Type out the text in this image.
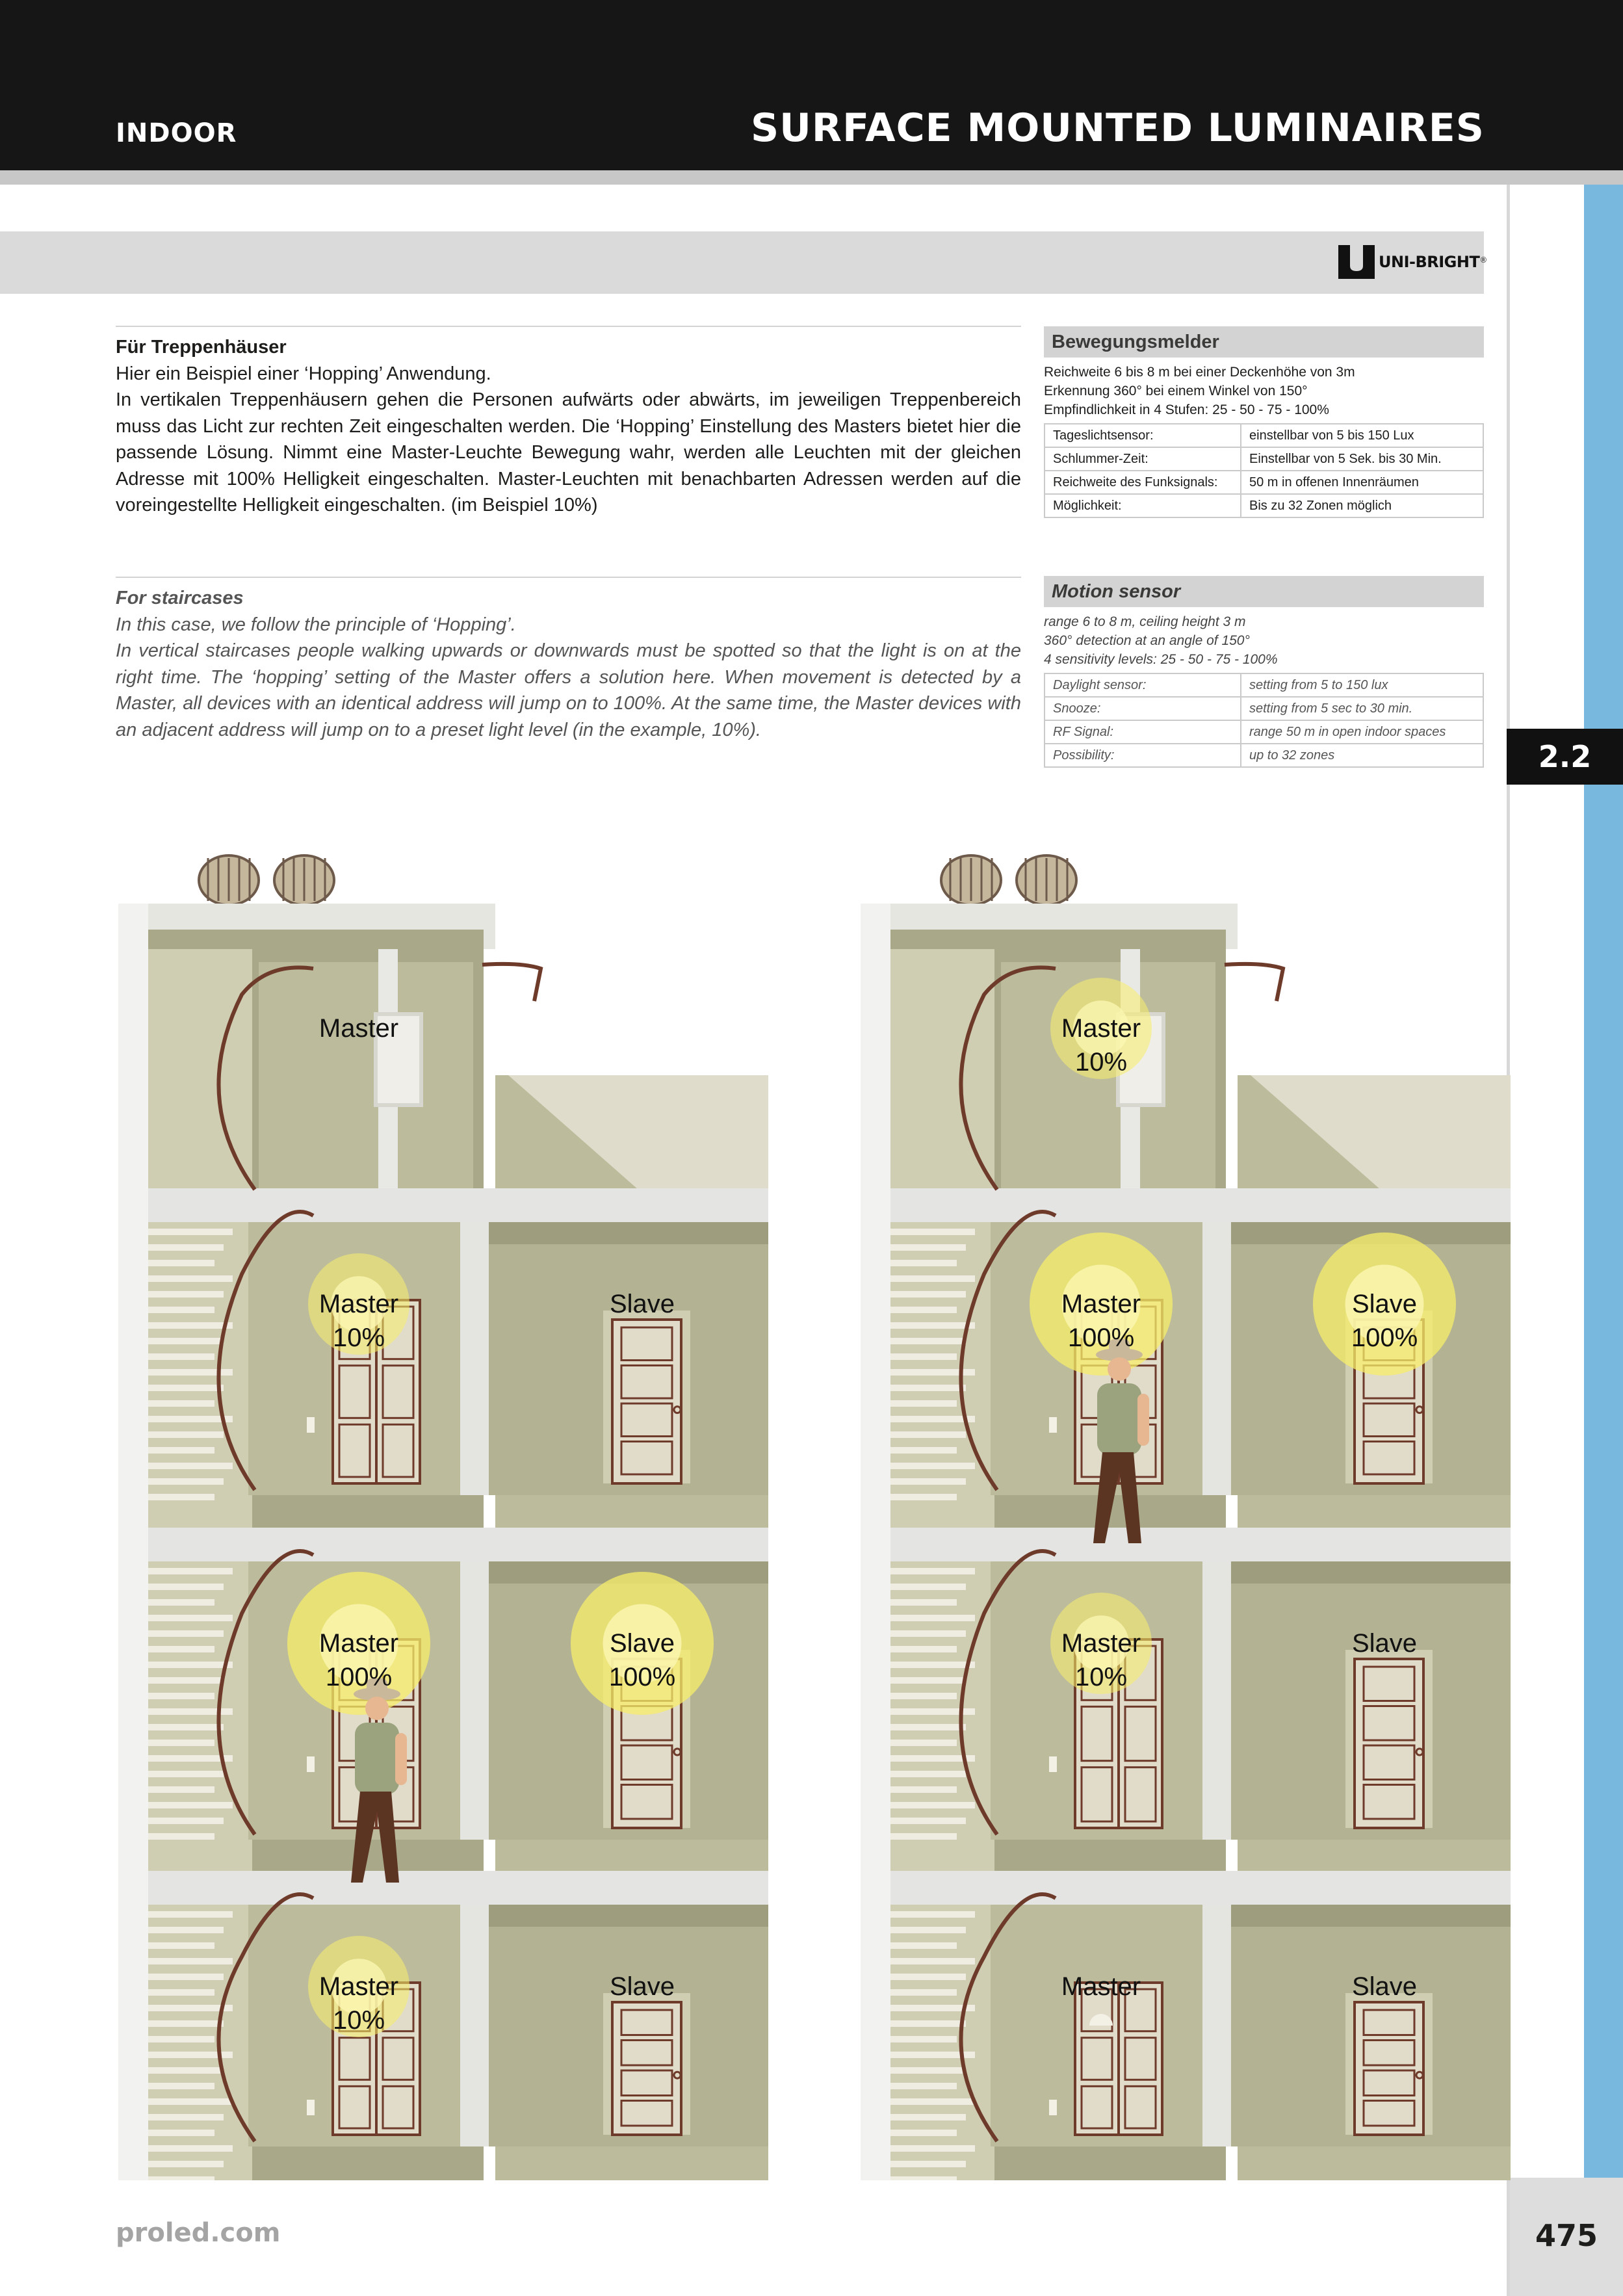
INDOOR	SURFACE MOUNTED LUMINAIRES
2.2
475
UNI-BRIGHT ®
Für Treppenhäuser
Hier ein Beispiel einer ‘Hopping’ Anwendung.
In vertikalen Treppenhäusern gehen die Personen aufwärts oder abwärts, im jeweiligen Treppenbereich muss das Licht zur rechten Zeit eingeschalten werden. Die ‘Hopping’ Einstellung des Masters bietet hier die passende Lösung. Nimmt eine Master-Leuchte Bewegung wahr, werden alle Leuchten mit der gleichen Adresse mit 100% Helligkeit eingeschalten. Master-Leuchten mit benachbarten Adressen werden auf die voreingestellte Helligkeit eingeschalten. (im Beispiel 10%)
Bewegungsmelder
Reichweite 6 bis 8 m bei einer Deckenhöhe von 3m
Erkennung 360° bei einem Winkel von 150°
Empfindlichkeit in 4 Stufen: 25 - 50 - 75 - 100%
Tageslichtsensor:	einstellbar von 5 bis 150 Lux
Schlummer-Zeit:	Einstellbar von 5 Sek. bis 30 Min.
Reichweite des Funksignals:	50 m in offenen Innenräumen
Möglichkeit:	Bis zu 32 Zonen möglich
For staircases
In this case, we follow the principle of ‘Hopping’.
In vertical staircases people walking upwards or downwards must be spotted so that the light is on at the right time. The ‘hopping’ setting of the Master offers a solution here. When movement is detected by a Master, all devices with an identical address will jump on to 100%. At the same time, the Master devices with an adjacent address will jump on to a preset light level (in the example, 10%).
Motion sensor
range 6 to 8 m, ceiling height 3 m
360° detection at an angle of 150°
4 sensitivity levels: 25 - 50 - 75 - 100%
Daylight sensor:	setting from 5 to 150 lux
Snooze:	setting from 5 sec to 30 min.
RF Signal:	range 50 m in open indoor spaces
Possibility:	up to 32 zones
Master
Master
10%
Slave
Master
100%
Slave
100%
Master
10%
Slave
Master
10%
Master
100%
Slave
100%
Master
10%
Slave
Master	Slave
proled.com
